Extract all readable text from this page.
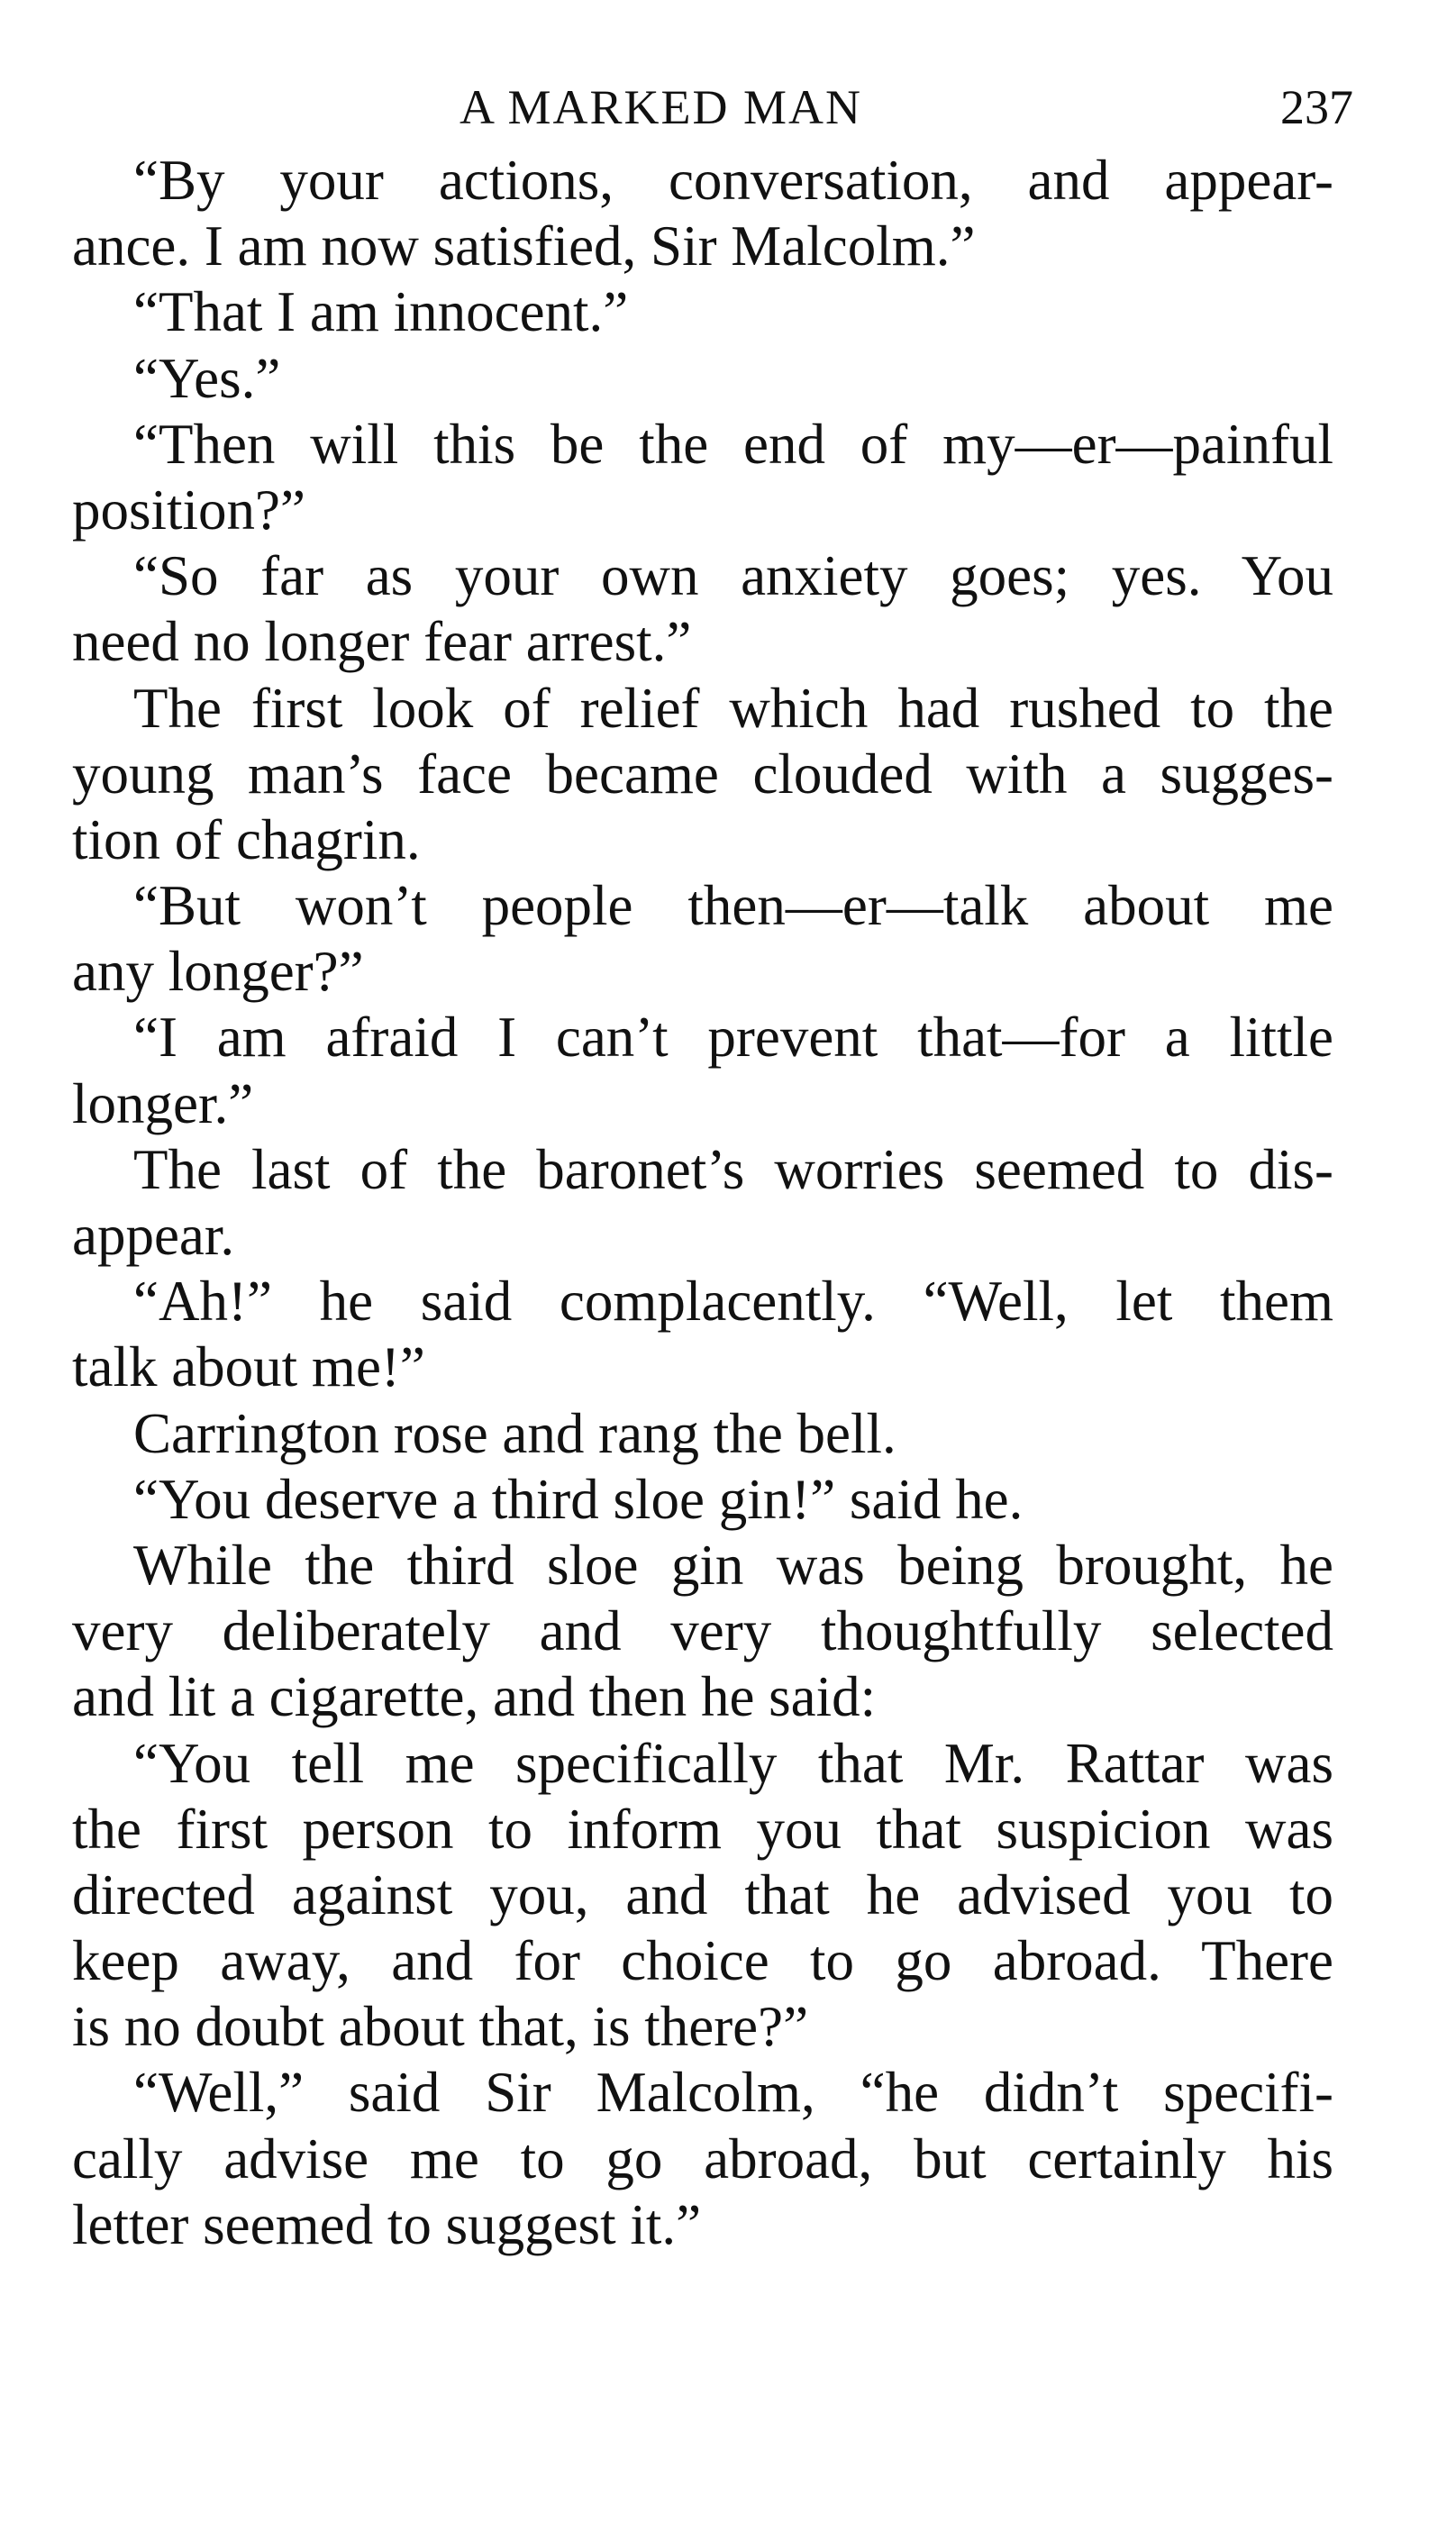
A MARKED MAN	237
“By your actions, conversation, and appear-
ance. I am now satisfied, Sir Malcolm.”
“That I am innocent.”
“Yes.”
“Then will this be the end of my—er—painful
position?”
“So far as your own anxiety goes; yes. You
need no longer fear arrest.”
The first look of relief which had rushed to the
young man’s face became clouded with a sugges-
tion of chagrin.
“But won’t people then—er—talk about me
any longer?”
“I am afraid I can’t prevent that—for a little
longer.”
The last of the baronet’s worries seemed to dis-
appear.
“Ah!” he said complacently. “Well, let them
talk about me!”
Carrington rose and rang the bell.
“You deserve a third sloe gin!” said he.
While the third sloe gin was being brought, he
very deliberately and very thoughtfully selected
and lit a cigarette, and then he said:
“You tell me specifically that Mr. Rattar was
the first person to inform you that suspicion was
directed against you, and that he advised you to
keep away, and for choice to go abroad. There
is no doubt about that, is there?”
“Well,” said Sir Malcolm, “he didn’t specifi-
cally advise me to go abroad, but certainly his
letter seemed to suggest it.”
